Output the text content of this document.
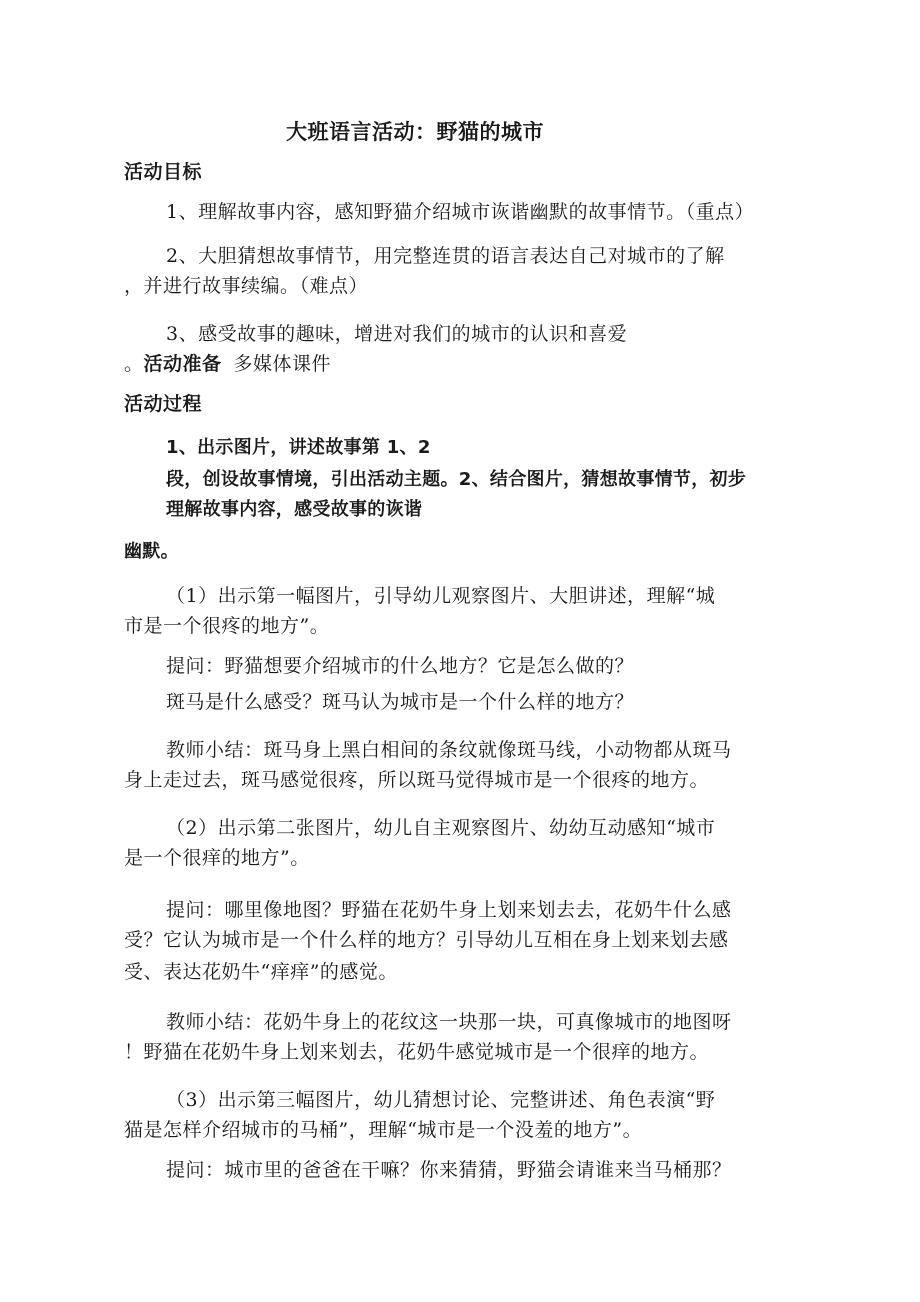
大班语言活动：野猫的城市
活动目标
1、理解故事内容，感知野猫介绍城市诙谐幽默的故事情节。（重点）
2、大胆猜想故事情节，用完整连贯的语言表达自己对城市的了解
，并进行故事续编。（难点）
3、感受故事的趣味，增进对我们的城市的认识和喜爱
。活动准备 多媒体课件
活动过程
1、出示图片，讲述故事第 1、2
段，创设故事情境，引出活动主题。2、结合图片，猜想故事情节，初步
理解故事内容，感受故事的诙谐
幽默。
（1）出示第一幅图片，引导幼儿观察图片、大胆讲述，理解“城
市是一个很疼的地方”。
提问：野猫想要介绍城市的什么地方？它是怎么做的？
斑马是什么感受？斑马认为城市是一个什么样的地方？
教师小结：斑马身上黑白相间的条纹就像斑马线，小动物都从斑马
身上走过去，斑马感觉很疼，所以斑马觉得城市是一个很疼的地方。
（2）出示第二张图片，幼儿自主观察图片、幼幼互动感知“城市
是一个很痒的地方”。
提问：哪里像地图？野猫在花奶牛身上划来划去去，花奶牛什么感
受？它认为城市是一个什么样的地方？引导幼儿互相在身上划来划去感
受、表达花奶牛“痒痒”的感觉。
教师小结：花奶牛身上的花纹这一块那一块，可真像城市的地图呀
！野猫在花奶牛身上划来划去，花奶牛感觉城市是一个很痒的地方。
（3）出示第三幅图片，幼儿猜想讨论、完整讲述、角色表演“野
猫是怎样介绍城市的马桶”，理解“城市是一个没羞的地方”。
提问：城市里的爸爸在干嘛？你来猜猜，野猫会请谁来当马桶那？
